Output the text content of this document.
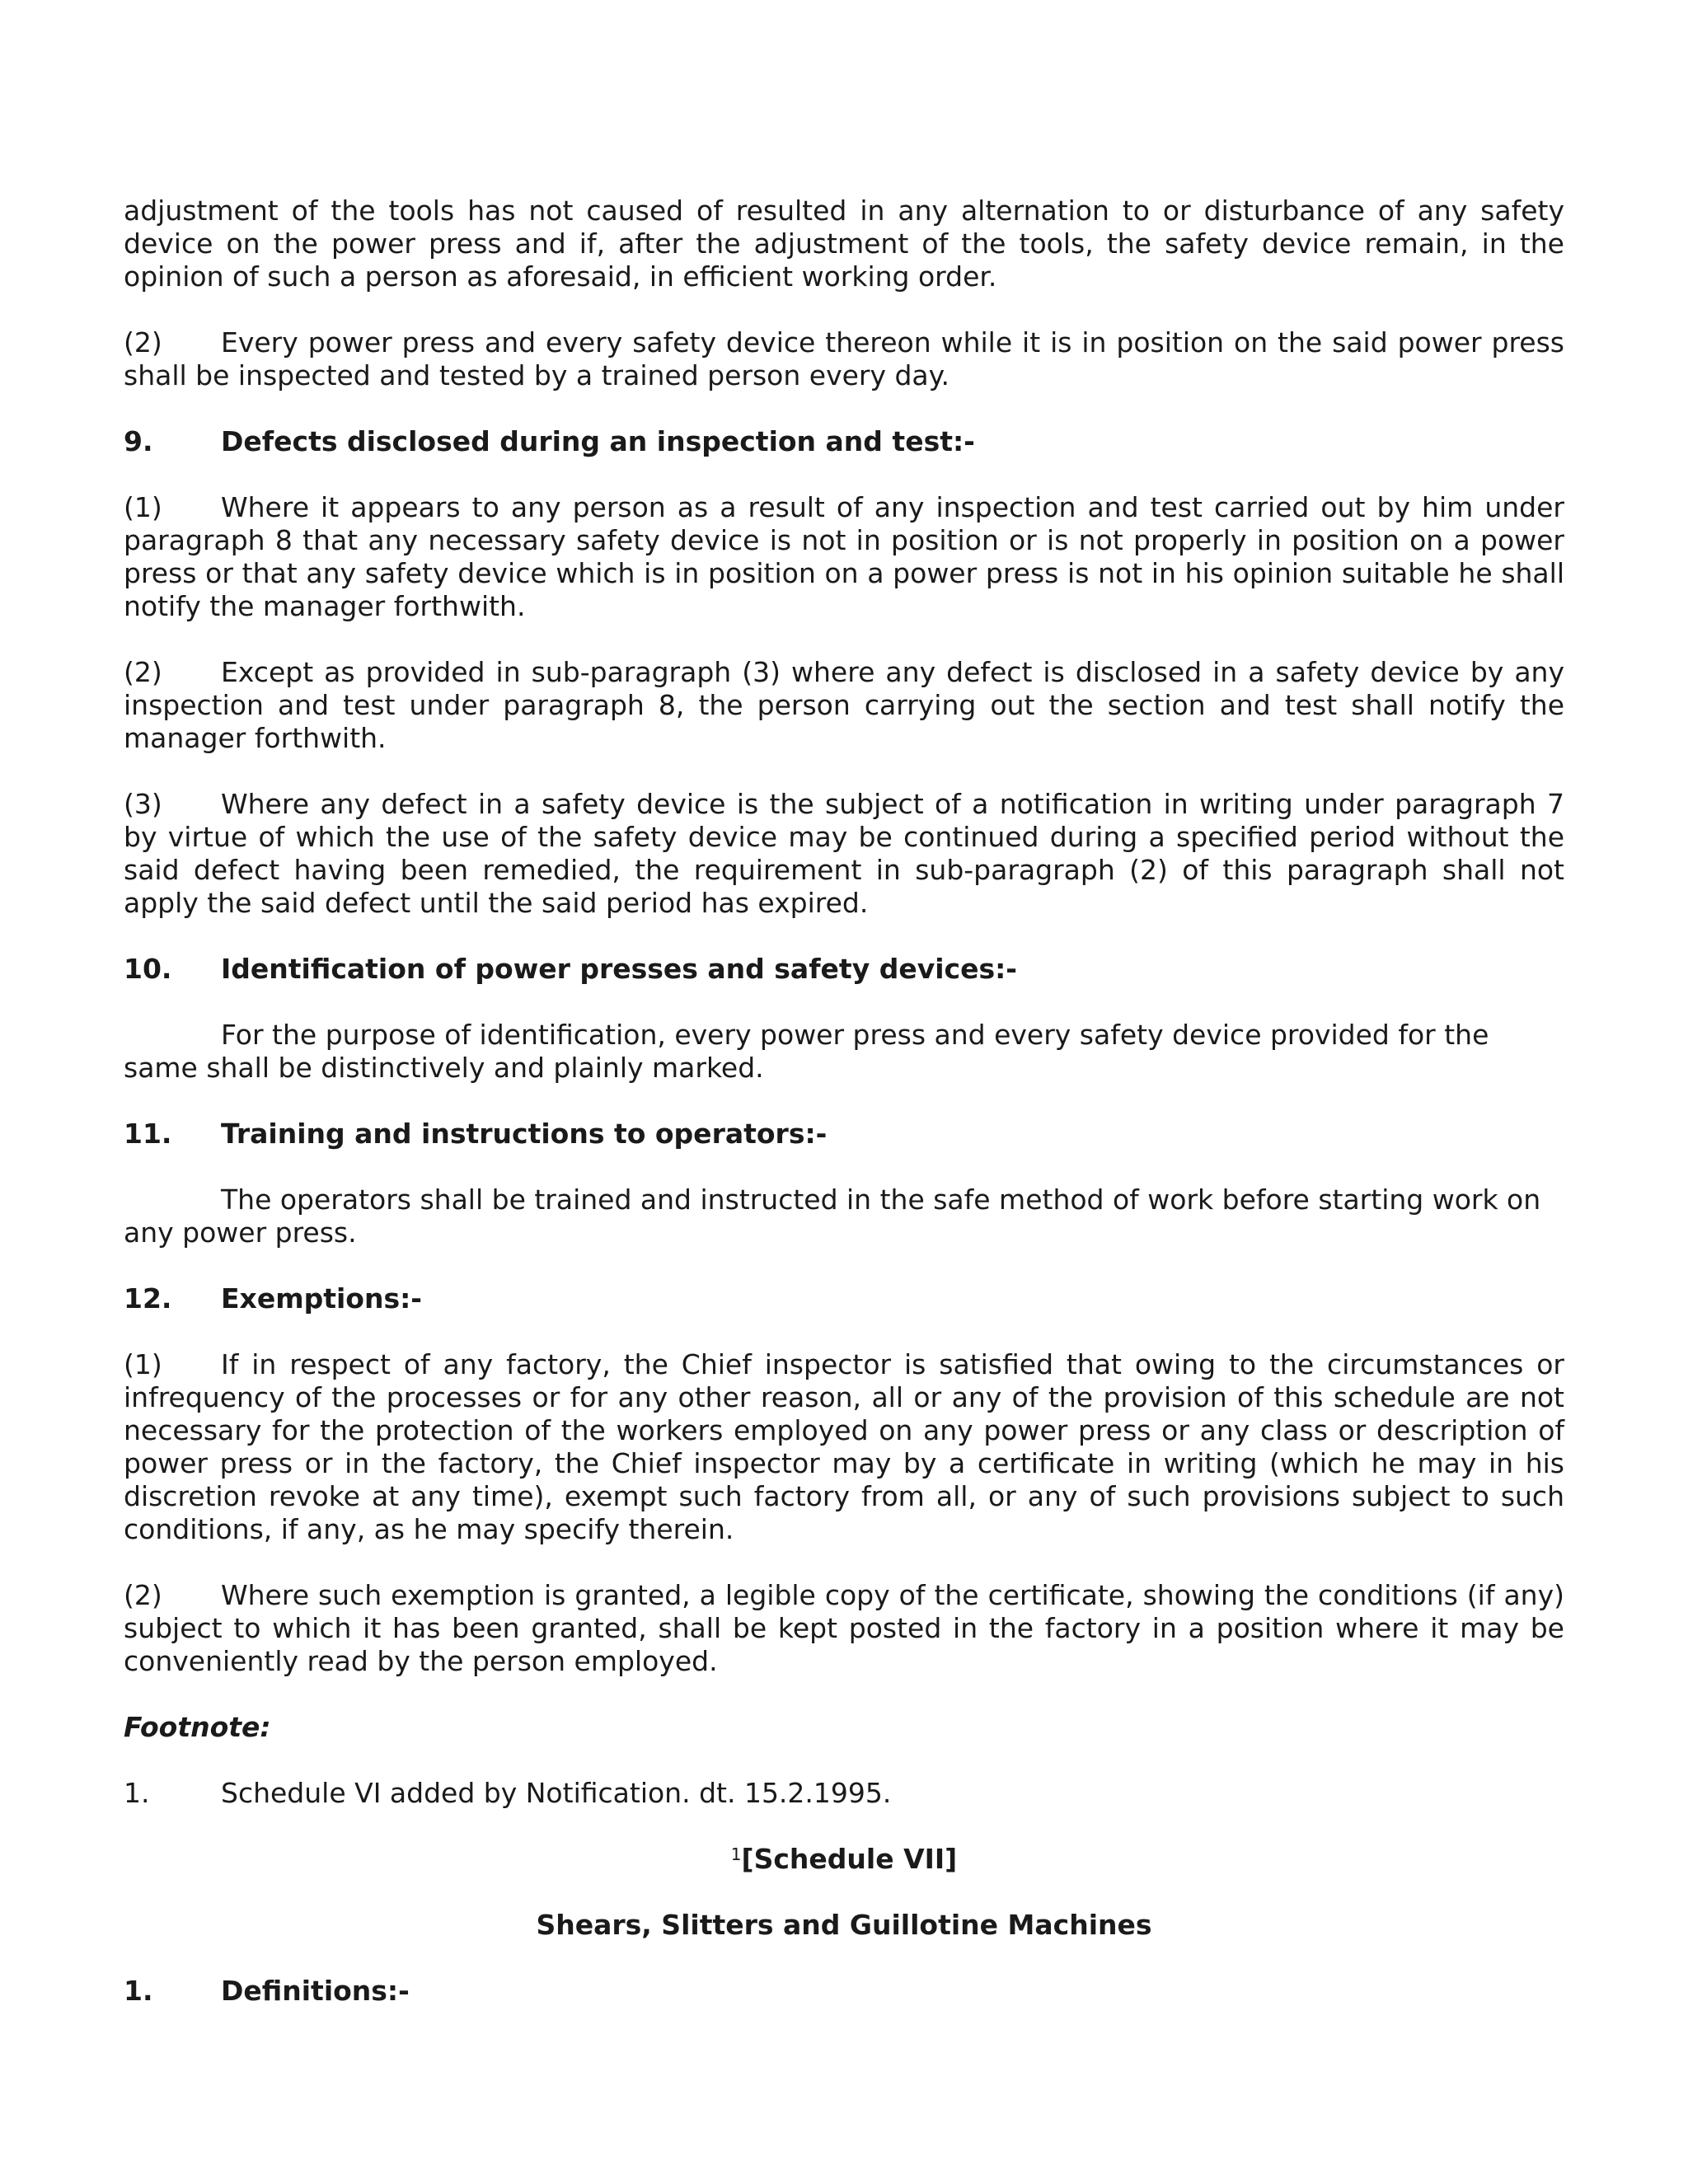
adjustment of the tools has not caused of resulted in any alternation to or disturbance of any safety device on the power press and if, after the adjustment of the tools, the safety device remain, in the opinion of such a person as aforesaid, in efficient working order.

(2) Every power press and every safety device thereon while it is in position on the said power press shall be inspected and tested by a trained person every day.

9.	Defects disclosed during an inspection and test:-

(1) Where it appears to any person as a result of any inspection and test carried out by him under paragraph 8 that any necessary safety device is not in position or is not properly in position on a power press or that any safety device which is in position on a power press is not in his opinion suitable he shall notify the manager forthwith.

(2) Except as provided in sub-paragraph (3) where any defect is disclosed in a safety device by any inspection and test under paragraph 8, the person carrying out the section and test shall notify the manager forthwith.

(3) Where any defect in a safety device is the subject of a notification in writing under paragraph 7 by virtue of which the use of the safety device may be continued during a specified period without the said defect having been remedied, the requirement in sub-paragraph (2) of this paragraph shall not apply the said defect until the said period has expired.

10. Identification of power presses and safety devices:-

For the purpose of identification, every power press and every safety device provided for the same shall be distinctively and plainly marked.

11. Training and instructions to operators:-

The operators shall be trained and instructed in the safe method of work before starting work on any power press.

12. Exemptions:-

(1) If in respect of any factory, the Chief inspector is satisfied that owing to the circumstances or infrequency of the processes or for any other reason, all or any of the provision of this schedule are not necessary for the protection of the workers employed on any power press or any class or description of power press or in the factory, the Chief inspector may by a certificate in writing (which he may in his discretion revoke at any time), exempt such factory from all, or any of such provisions subject to such conditions, if any, as he may specify therein.

(2) Where such exemption is granted, a legible copy of the certificate, showing the conditions (if any) subject to which it has been granted, shall be kept posted in the factory in a position where it may be conveniently read by the person employed.

Footnote:

1.	Schedule VI added by Notification. dt. 15.2.1995.

$^1$[Schedule VII]
Shears, Slitters and Guillotine Machines
1.	Definitions:-
